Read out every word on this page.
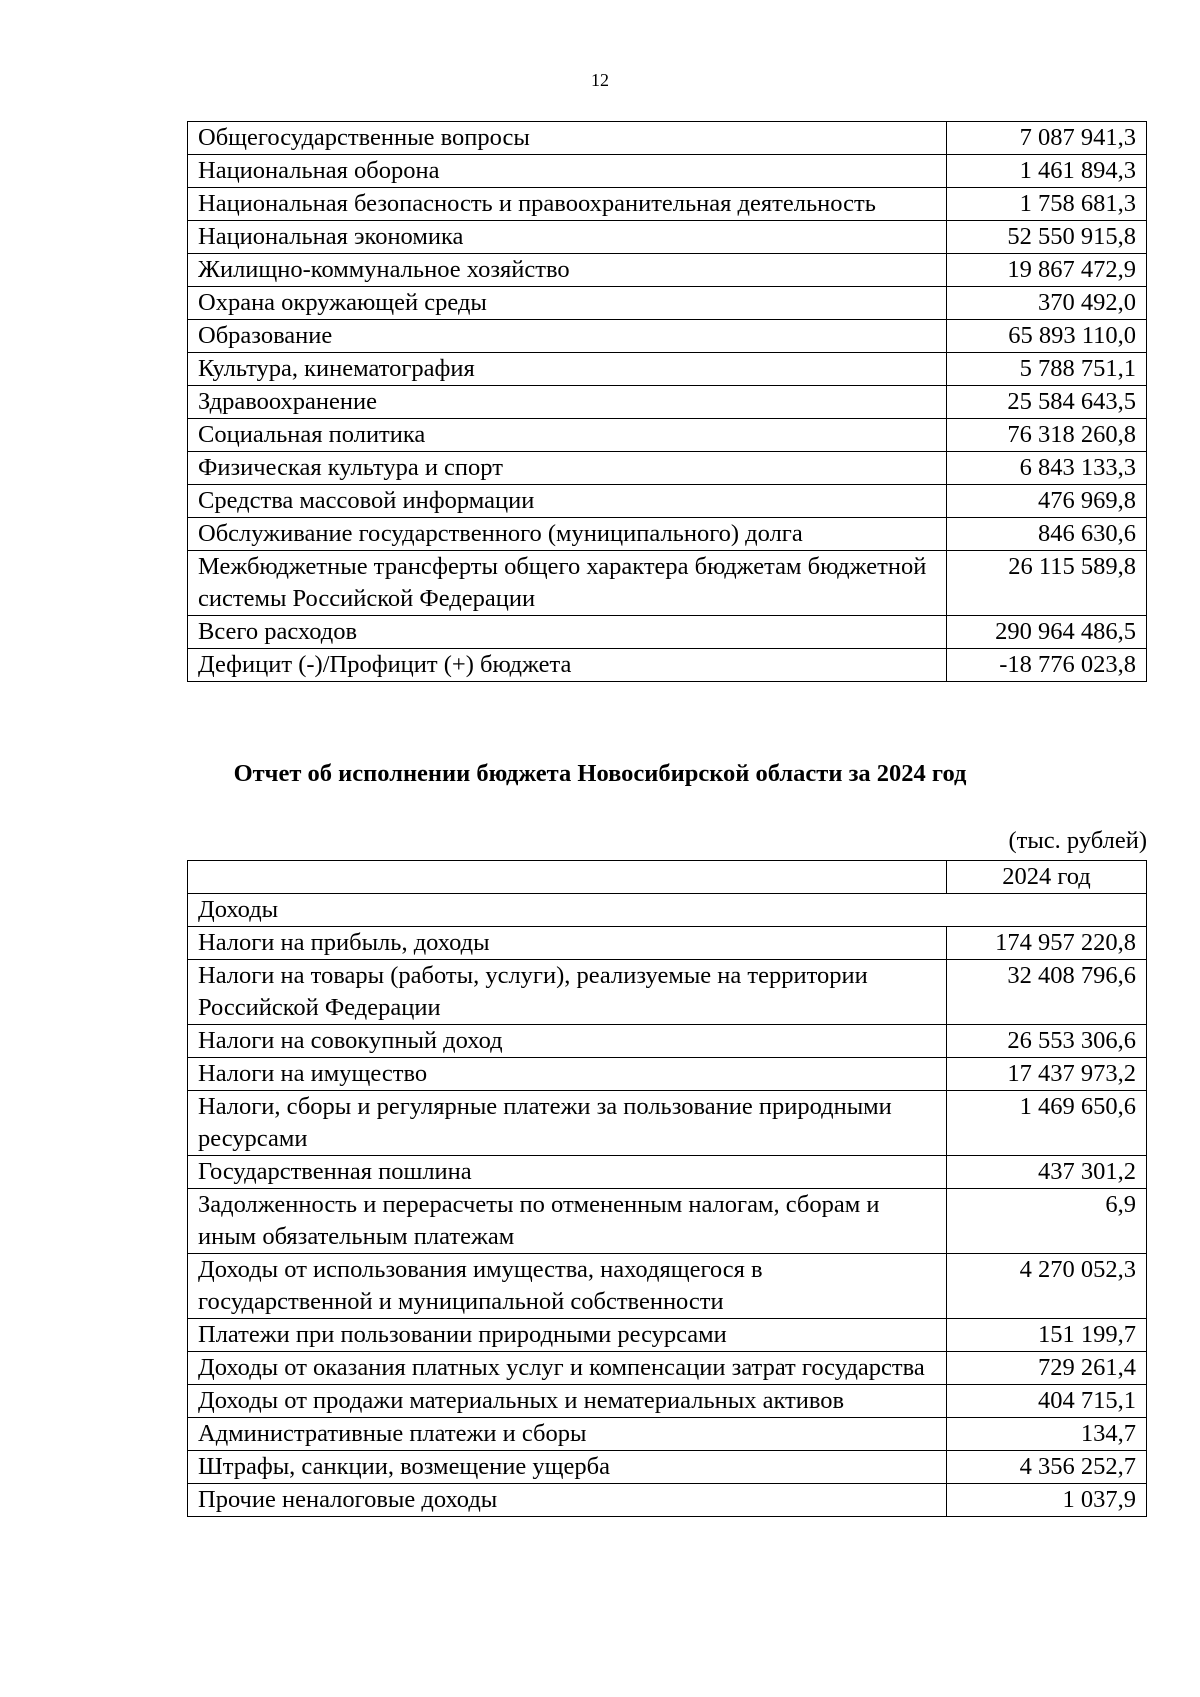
12
Общегосударственные вопросы	7 087 941,3
Национальная оборона	1 461 894,3
Национальная безопасность и правоохранительная деятельность	1 758 681,3
Национальная экономика	52 550 915,8
Жилищно-коммунальное хозяйство	19 867 472,9
Охрана окружающей среды	370 492,0
Образование	65 893 110,0
Культура, кинематография	5 788 751,1
Здравоохранение	25 584 643,5
Социальная политика	76 318 260,8
Физическая культура и спорт	6 843 133,3
Средства массовой информации	476 969,8
Обслуживание государственного (муниципального) долга	846 630,6
Межбюджетные трансферты общего характера бюджетам бюджетной системы Российской Федерации	26 115 589,8
Всего расходов	290 964 486,5
Дефицит (-)/Профицит (+) бюджета	-18 776 023,8
Отчет об исполнении бюджета Новосибирской области за 2024 год
(тыс. рублей)
	2024 год
Доходы	
Налоги на прибыль, доходы	174 957 220,8
Налоги на товары (работы, услуги), реализуемые на территории Российской Федерации	32 408 796,6
Налоги на совокупный доход	26 553 306,6
Налоги на имущество	17 437 973,2
Налоги, сборы и регулярные платежи за пользование природными ресурсами	1 469 650,6
Государственная пошлина	437 301,2
Задолженность и перерасчеты по отмененным налогам, сборам и иным обязательным платежам	6,9
Доходы от использования имущества, находящегося в государственной и муниципальной собственности	4 270 052,3
Платежи при пользовании природными ресурсами	151 199,7
Доходы от оказания платных услуг и компенсации затрат государства	729 261,4
Доходы от продажи материальных и нематериальных активов	404 715,1
Административные платежи и сборы	134,7
Штрафы, санкции, возмещение ущерба	4 356 252,7
Прочие неналоговые доходы	1 037,9
